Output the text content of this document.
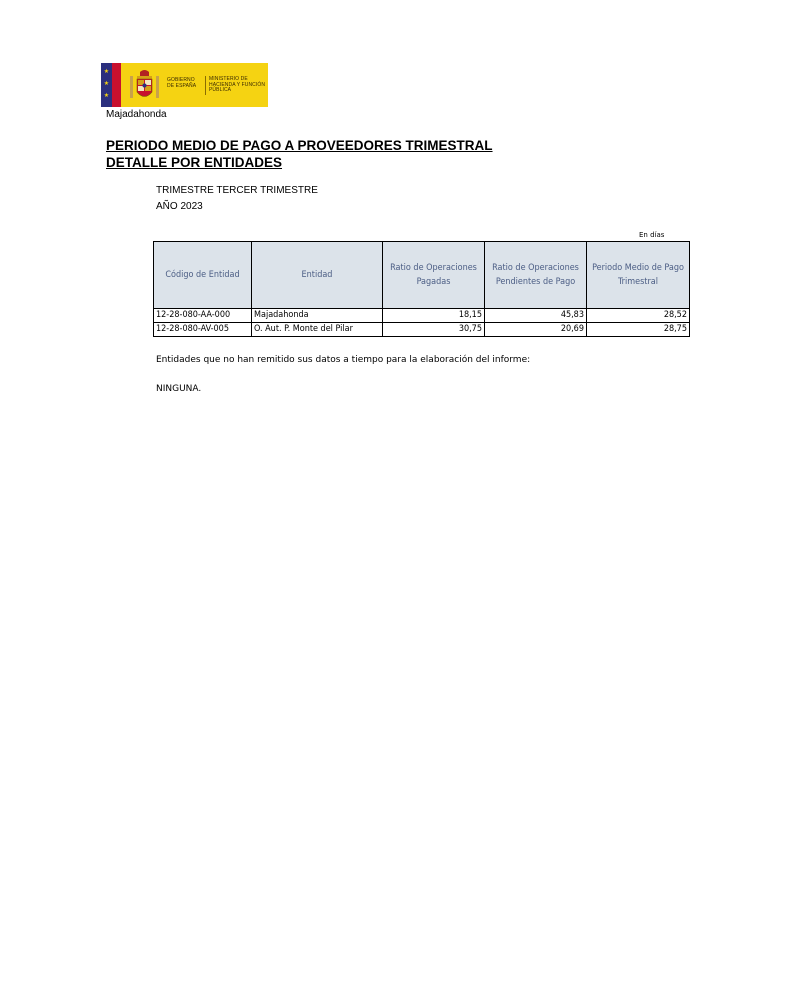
★
★
★
GOBIERNO DE ESPAÑA
MINISTERIO DE HACIENDA Y FUNCIÓN PÚBLICA
Majadahonda
PERIODO MEDIO DE PAGO A PROVEEDORES TRIMESTRAL
DETALLE POR ENTIDADES
TRIMESTRE TERCER TRIMESTRE
AÑO 2023
En días
Código de Entidad	Entidad	Ratio de Operaciones Pagadas	Ratio de Operaciones Pendientes de Pago	Periodo Medio de Pago Trimestral
12-28-080-AA-000	Majadahonda	18,15	45,83	28,52
12-28-080-AV-005	O. Aut. P. Monte del Pilar	30,75	20,69	28,75
Entidades que no han remitido sus datos a tiempo para la elaboración del informe:
NINGUNA.
